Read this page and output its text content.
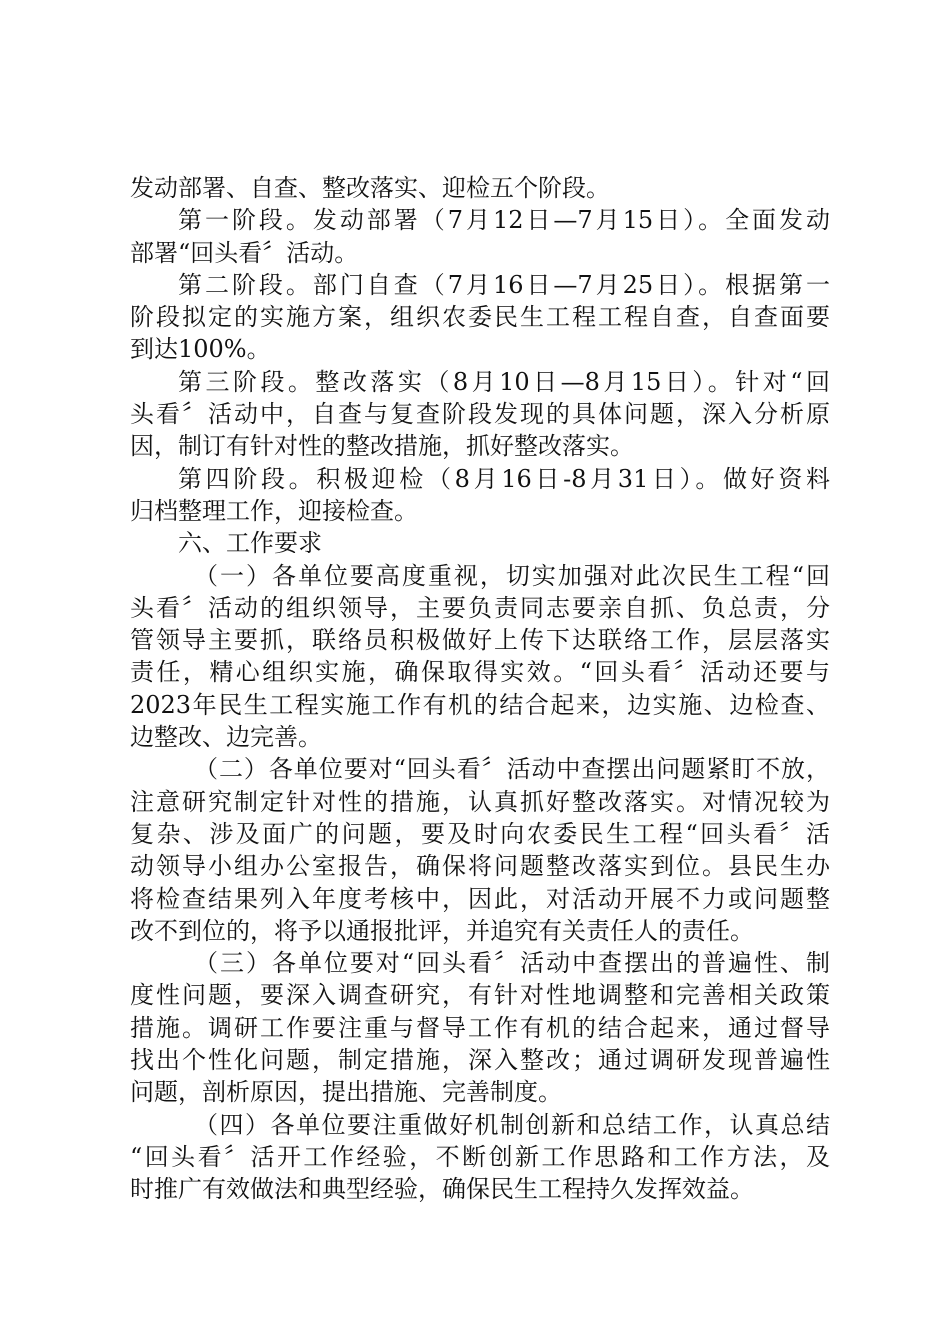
发动部署、自查、整改落实、迎检五个阶段。
第一阶段。发动部署（7月12日—7月15日）。全面发动
部署“回头看〞活动。
第二阶段。部门自查（7月16日—7月25日）。根据第一
阶段拟定的实施方案，组织农委民生工程工程自查，自查面要
到达100%。
第三阶段。整改落实（8月10日—8月15日）。针对“回
头看〞活动中，自查与复查阶段发现的具体问题，深入分析原
因，制订有针对性的整改措施，抓好整改落实。
第四阶段。积极迎检（8月16日-8月31日）。做好资料
归档整理工作，迎接检查。
六、工作要求
（一）各单位要高度重视，切实加强对此次民生工程“回
头看〞活动的组织领导，主要负责同志要亲自抓、负总责，分
管领导主要抓，联络员积极做好上传下达联络工作，层层落实
责任，精心组织实施，确保取得实效。“回头看〞活动还要与
2023年民生工程实施工作有机的结合起来，边实施、边检查、
边整改、边完善。
（二）各单位要对“回头看〞活动中查摆出问题紧盯不放，
注意研究制定针对性的措施，认真抓好整改落实。对情况较为
复杂、涉及面广的问题，要及时向农委民生工程“回头看〞活
动领导小组办公室报告，确保将问题整改落实到位。县民生办
将检查结果列入年度考核中，因此，对活动开展不力或问题整
改不到位的，将予以通报批评，并追究有关责任人的责任。
（三）各单位要对“回头看〞活动中查摆出的普遍性、制
度性问题，要深入调查研究，有针对性地调整和完善相关政策
措施。调研工作要注重与督导工作有机的结合起来，通过督导
找出个性化问题，制定措施，深入整改；通过调研发现普遍性
问题，剖析原因，提出措施、完善制度。
（四）各单位要注重做好机制创新和总结工作，认真总结
“回头看〞活开工作经验，不断创新工作思路和工作方法，及
时推广有效做法和典型经验，确保民生工程持久发挥效益。
